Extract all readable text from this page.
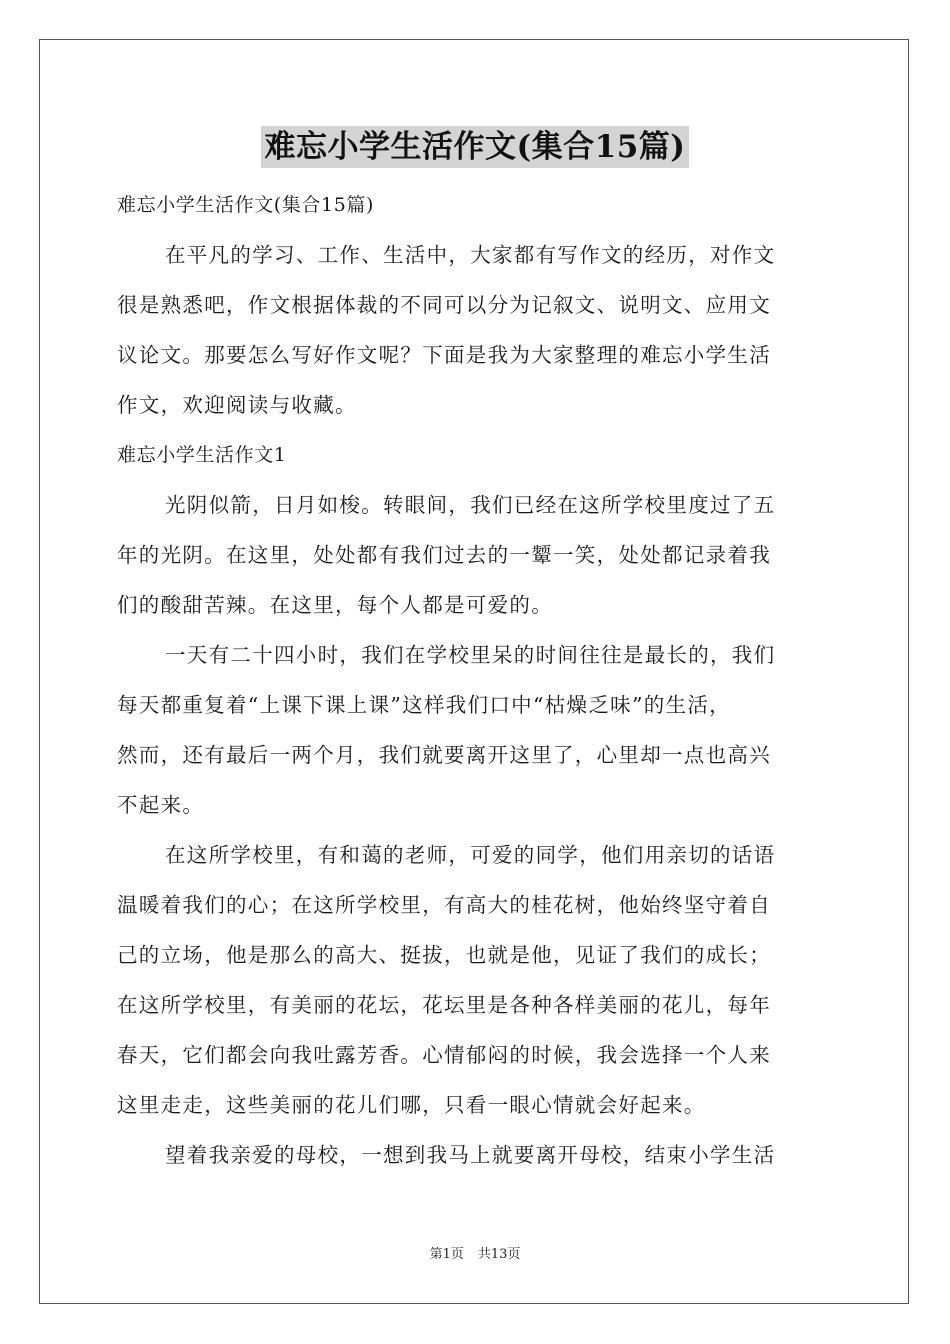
难忘小学生活作文(集合15篇)
难忘小学生活作文(集合15篇)
在平凡的学习、工作、生活中，大家都有写作文的经历，对作文
很是熟悉吧，作文根据体裁的不同可以分为记叙文、说明文、应用文
议论文。那要怎么写好作文呢？下面是我为大家整理的难忘小学生活
作文，欢迎阅读与收藏。
难忘小学生活作文1
光阴似箭，日月如梭。转眼间，我们已经在这所学校里度过了五
年的光阴。在这里，处处都有我们过去的一颦一笑，处处都记录着我
们的酸甜苦辣。在这里，每个人都是可爱的。
一天有二十四小时，我们在学校里呆的时间往往是最长的，我们
每天都重复着“上课下课上课”这样我们口中“枯燥乏味”的生活，
然而，还有最后一两个月，我们就要离开这里了，心里却一点也高兴
不起来。
在这所学校里，有和蔼的老师，可爱的同学，他们用亲切的话语
温暖着我们的心；在这所学校里，有高大的桂花树，他始终坚守着自
己的立场，他是那么的高大、挺拔，也就是他，见证了我们的成长；
在这所学校里，有美丽的花坛，花坛里是各种各样美丽的花儿，每年
春天，它们都会向我吐露芳香。心情郁闷的时候，我会选择一个人来
这里走走，这些美丽的花儿们哪，只看一眼心情就会好起来。
望着我亲爱的母校，一想到我马上就要离开母校，结束小学生活
第1页 共13页
